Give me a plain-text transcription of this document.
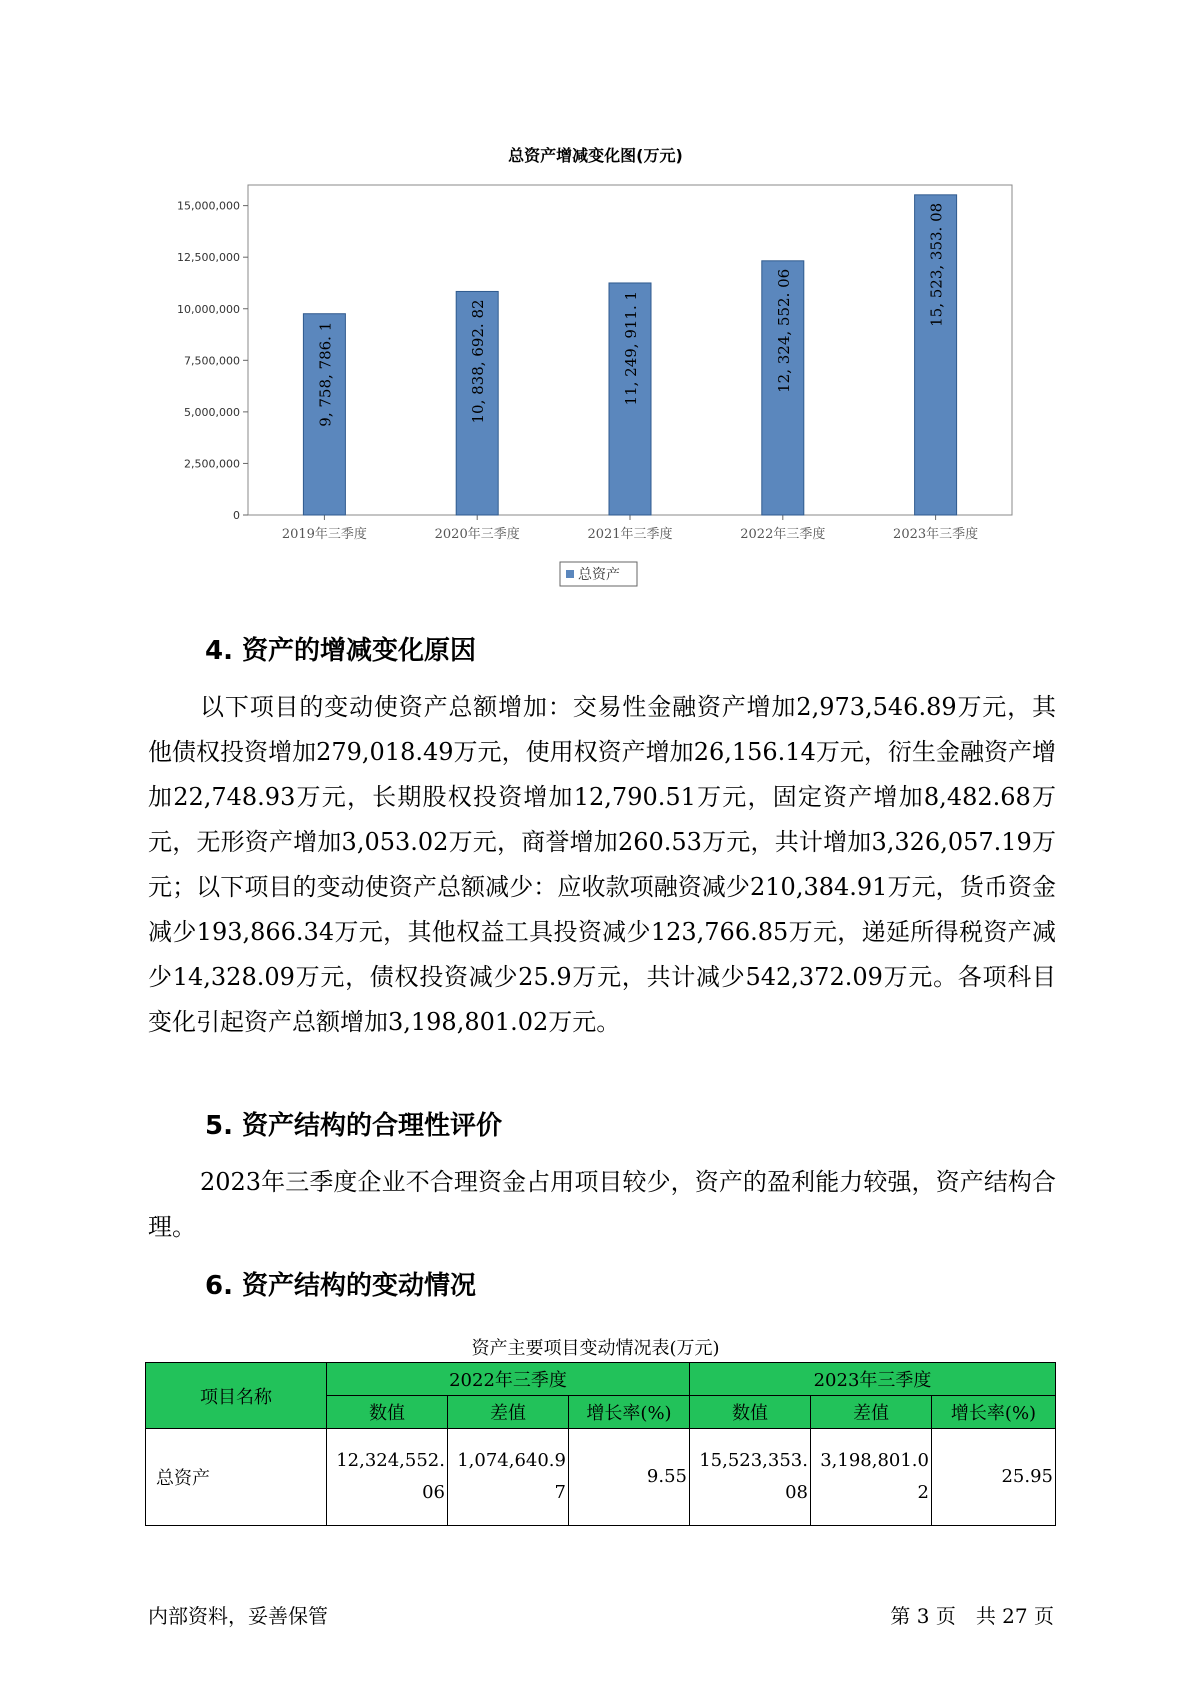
总资产增减变化图(万元)
0
2,500,000
5,000,000
7,500,000
10,000,000
12,500,000
15,000,000
2019年三季度	2020年三季度	2021年三季度	2022年三季度	2023年三季度
9, 758, 786. 1	10, 838, 692. 82	11, 249, 911. 1	12, 324, 552. 06
15, 523, 353. 08
总资产
4. 资产的增减变化原因

以下项目的变动使资产总额增加：交易性金融资产增加2,973,546.89万元，其他债权投资增加279,018.49万元，使用权资产增加26,156.14万元，衍生金融资产增加22,748.93万元，长期股权投资增加12,790.51万元，固定资产增加8,482.68万元，无形资产增加3,053.02万元，商誉增加260.53万元，共计增加3,326,057.19万元；以下项目的变动使资产总额减少：应收款项融资减少210,384.91万元，货币资金减少193,866.34万元，其他权益工具投资减少123,766.85万元，递延所得税资产减少14,328.09万元，债权投资减少25.9万元，共计减少542,372.09万元。各项科目变化引起资产总额增加3,198,801.02万元。

5. 资产结构的合理性评价

2023年三季度企业不合理资金占用项目较少，资产的盈利能力较强，资产结构合理。

6. 资产结构的变动情况
资产主要项目变动情况表(万元)
项目名称	2022年三季度			2023年三季度		
	数值	差值	增长率(%)	数值	差值	增长率(%)
总资产	12,324,552.06	1,074,640.97	9.55	15,523,353.08	3,198,801.02	25.95
内部资料，妥善保管	第 3 页　共 27 页
